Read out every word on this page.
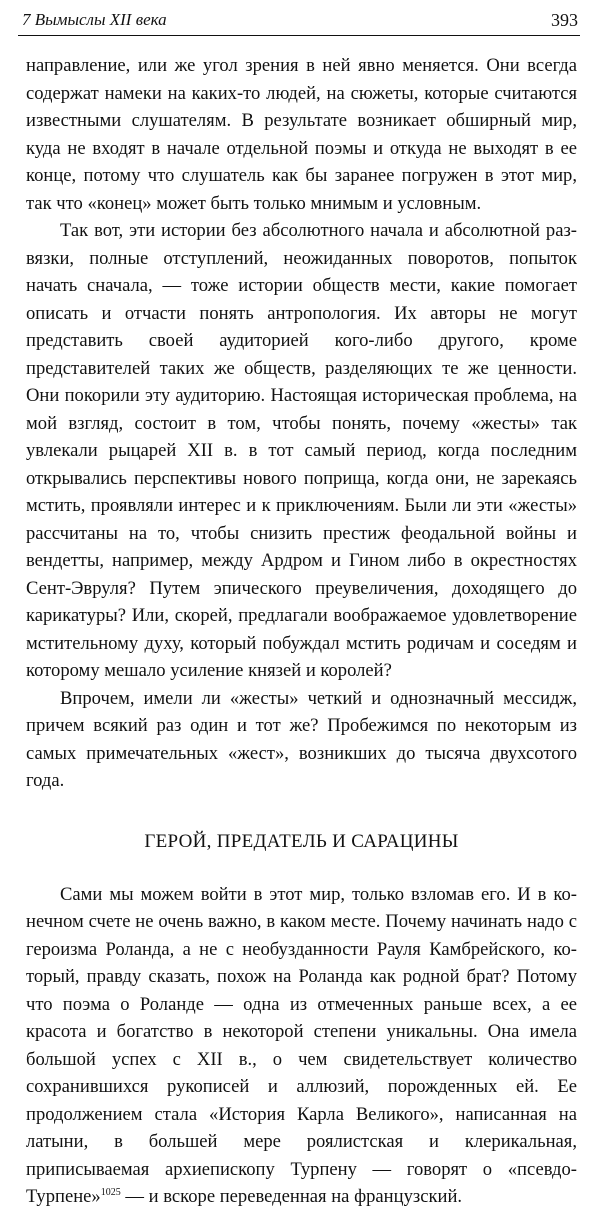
7 Вымыслы XII века	393

направление, или же угол зрения в ней явно меняется. Они всегда содержат намеки на каких-то людей, на сюжеты, которые считаются известными слушателям. В результате возникает обширный мир, куда не входят в начале отдельной поэмы и откуда не выходят в ее конце, потому что слушатель как бы заранее погружен в этот мир, так что «конец» может быть только мнимым и условным.

Так вот, эти истории без абсолютного начала и абсолютной развязки, полные отступлений, неожиданных поворотов, попыток начать сначала, — тоже истории обществ мести, какие помогает описать и отчасти понять антропология. Их авторы не могут представить своей аудиторией кого-либо другого, кроме представителей таких же обществ, разделяющих те же ценности. Они покорили эту аудиторию. Настоящая историческая проблема, на мой взгляд, состоит в том, чтобы понять, почему «жесты» так увлекали рыцарей XII в. в тот самый период, когда последним открывались перспективы нового поприща, когда они, не зарекаясь мстить, проявляли интерес и к приключениям. Были ли эти «жесты» рассчитаны на то, чтобы снизить престиж феодальной войны и вендетты, например, между Ардром и Гином либо в окрестностях Сент-Эвруля? Путем эпического преувеличения, доходящего до карикатуры? Или, скорей, предлагали воображаемое удовлетворение мстительному духу, который побуждал мстить родичам и соседям и которому мешало усиление князей и королей?

Впрочем, имели ли «жесты» четкий и однозначный мессидж, причем всякий раз один и тот же? Пробежимся по некоторым из самых примечательных «жест», возникших до тысяча двухсотого года.

ГЕРОЙ, ПРЕДАТЕЛЬ И САРАЦИНЫ

Сами мы можем войти в этот мир, только взломав его. И в конечном счете не очень важно, в каком месте. Почему начинать надо с героизма Роланда, а не с необузданности Рауля Камбрейского, который, правду сказать, похож на Роланда как родной брат? Потому что поэма о Роланде — одна из отмеченных раньше всех, а ее красота и богатство в некоторой степени уникальны. Она имела большой успех с XII в., о чем свидетельствует количество сохранившихся рукописей и аллюзий, порожденных ей. Ее продолжением стала «История Карла Великого», написанная на латыни, в большей мере роялистская и клерикальная, приписываемая архиепископу Турпену — говорят о «псевдо-Турпене»$^{1025}$ — и вскоре переведенная на французский.
